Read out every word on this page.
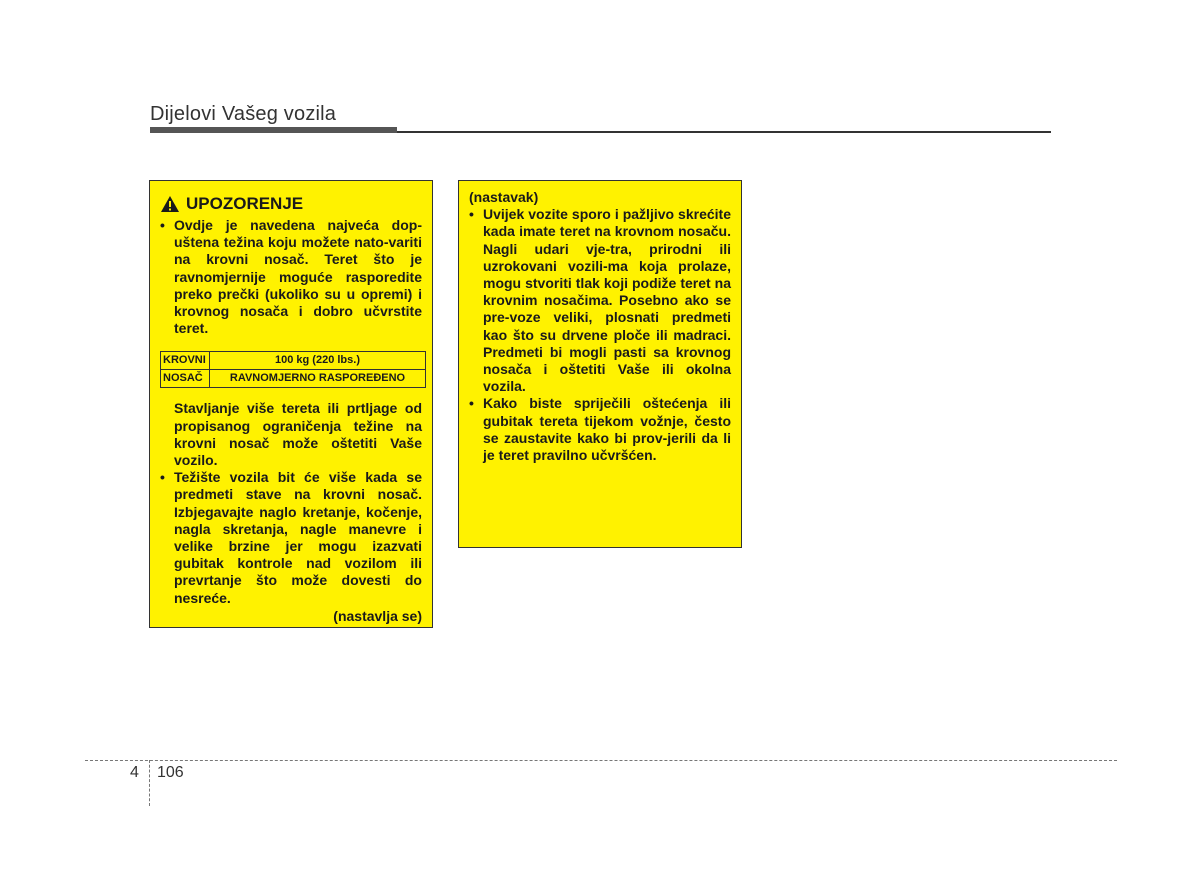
Dijelovi Vašeg vozila
UPOZORENJE
• Ovdje je navedena najveća dop-uštena težina koju možete nato-variti na krovni nosač. Teret što je ravnomjernije moguće rasporedite preko prečki (ukoliko su u opremi) i krovnog nosača i dobro učvrstite teret.
KROVNI	100 kg (220 lbs.)
NOSAČ	RAVNOMJERNO RASPOREĐENO
Stavljanje više tereta ili prtljage od propisanog ograničenja težine na krovni nosač može oštetiti Vaše vozilo.
• Težište vozila bit će više kada se predmeti stave na krovni nosač. Izbjegavajte naglo kretanje, kočenje, nagla skretanja, nagle manevre i velike brzine jer mogu izazvati gubitak kontrole nad vozilom ili prevrtanje što može dovesti do nesreće.
(nastavlja se)
(nastavak)
• Uvijek vozite sporo i pažljivo skrećite kada imate teret na krovnom nosaču. Nagli udari vje-tra, prirodni ili uzrokovani vozili-ma koja prolaze, mogu stvoriti tlak koji podiže teret na krovnim nosačima. Posebno ako se pre-voze veliki, plosnati predmeti kao što su drvene ploče ili madraci. Predmeti bi mogli pasti sa krovnog nosača i oštetiti Vaše ili okolna vozila.
• Kako biste spriječili oštećenja ili gubitak tereta tijekom vožnje, često se zaustavite kako bi prov-jerili da li je teret pravilno učvršćen.
4 106
